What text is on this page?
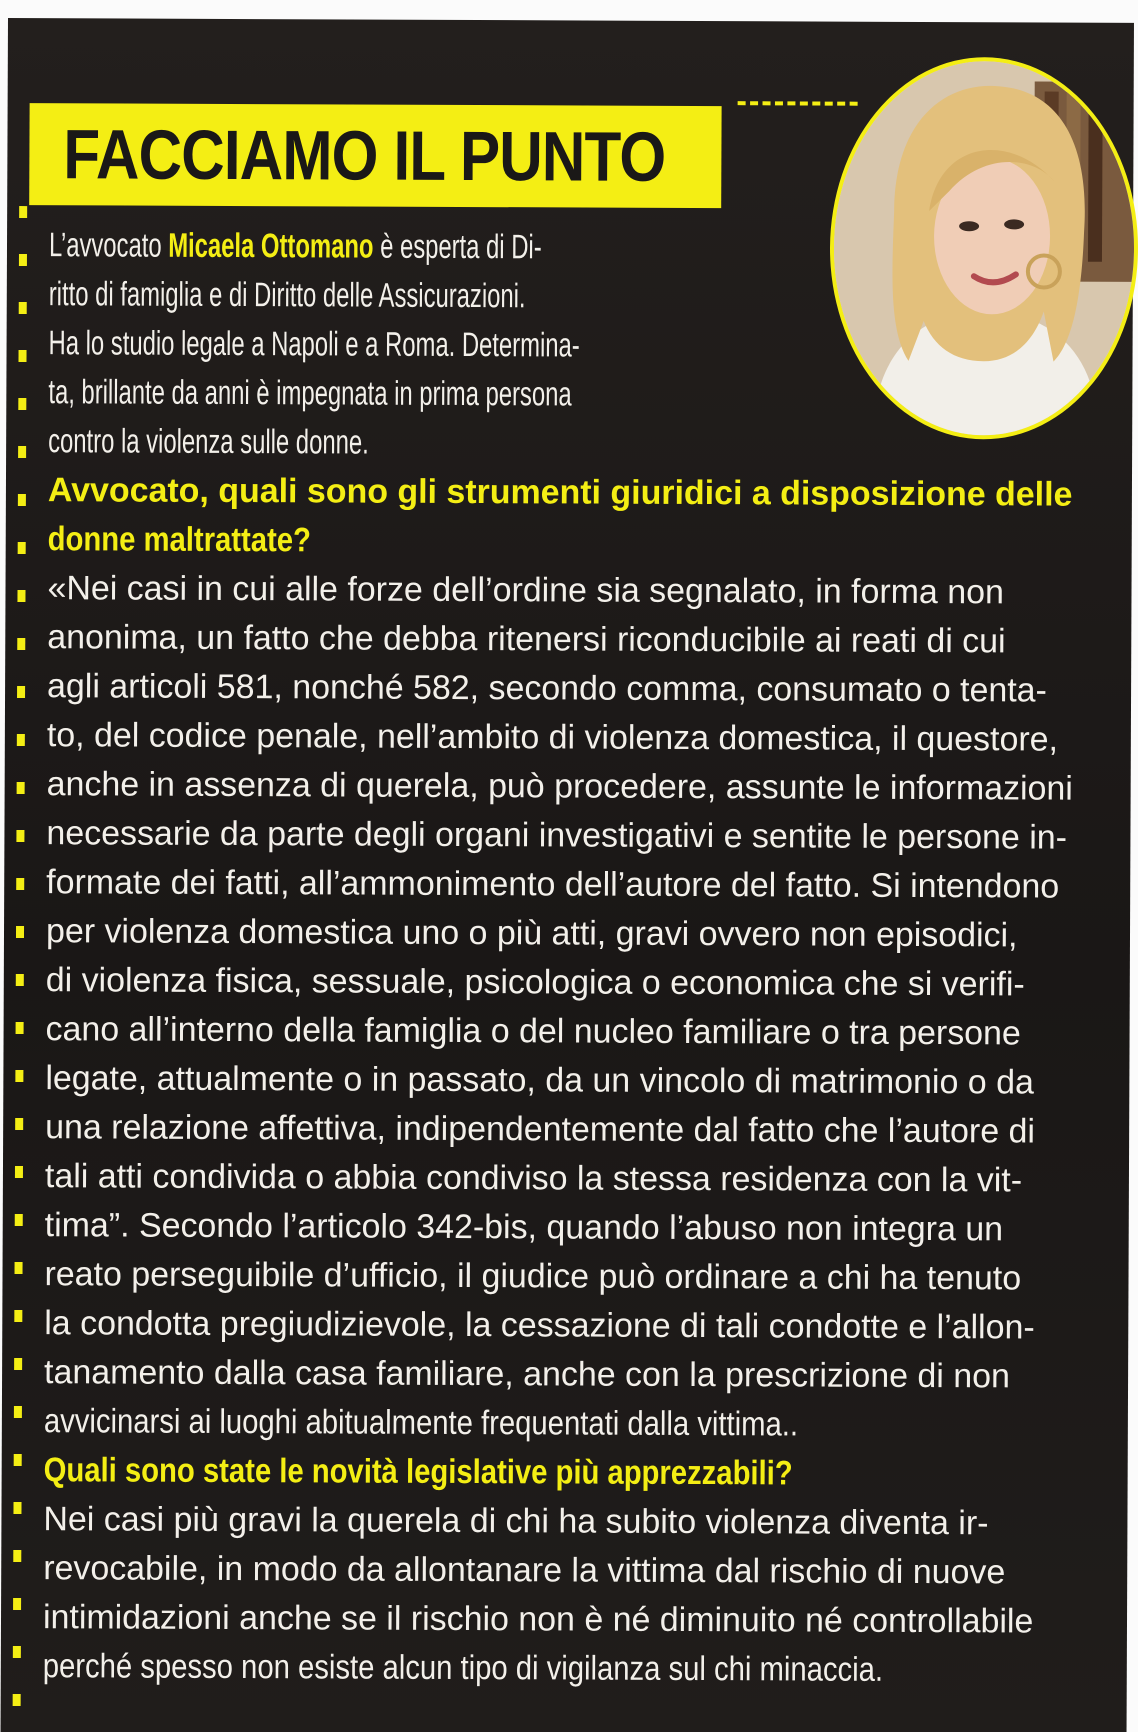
FACCIAMO IL PUNTO
L’avvocato Micaela Ottomano è esperta di Di-
ritto di famiglia e di Diritto delle Assicurazioni.
Ha lo studio legale a Napoli e a Roma. Determina-
ta, brillante da anni è impegnata in prima persona
contro la violenza sulle donne.
Avvocato, quali sono gli strumenti giuridici a disposizione delle
donne maltrattate?
«Nei casi in cui alle forze dell’ordine sia segnalato, in forma non
anonima, un fatto che debba ritenersi riconducibile ai reati di cui
agli articoli 581, nonché 582, secondo comma, consumato o tenta-
to, del codice penale, nell’ambito di violenza domestica, il questore,
anche in assenza di querela, può procedere, assunte le informazioni
necessarie da parte degli organi investigativi e sentite le persone in-
formate dei fatti, all’ammonimento dell’autore del fatto. Si intendono
per violenza domestica uno o più atti, gravi ovvero non episodici,
di violenza fisica, sessuale, psicologica o economica che si verifi-
cano all’interno della famiglia o del nucleo familiare o tra persone
legate, attualmente o in passato, da un vincolo di matrimonio o da
una relazione affettiva, indipendentemente dal fatto che l’autore di
tali atti condivida o abbia condiviso la stessa residenza con la vit-
tima”. Secondo l’articolo 342-bis, quando l’abuso non integra un
reato perseguibile d’ufficio, il giudice può ordinare a chi ha tenuto
la condotta pregiudizievole, la cessazione di tali condotte e l’allon-
tanamento dalla casa familiare, anche con la prescrizione di non
avvicinarsi ai luoghi abitualmente frequentati dalla vittima..
Quali sono state le novità legislative più apprezzabili?
Nei casi più gravi la querela di chi ha subito violenza diventa ir-
revocabile, in modo da allontanare la vittima dal rischio di nuove
intimidazioni anche se il rischio non è né diminuito né controllabile
perché spesso non esiste alcun tipo di vigilanza sul chi minaccia.
